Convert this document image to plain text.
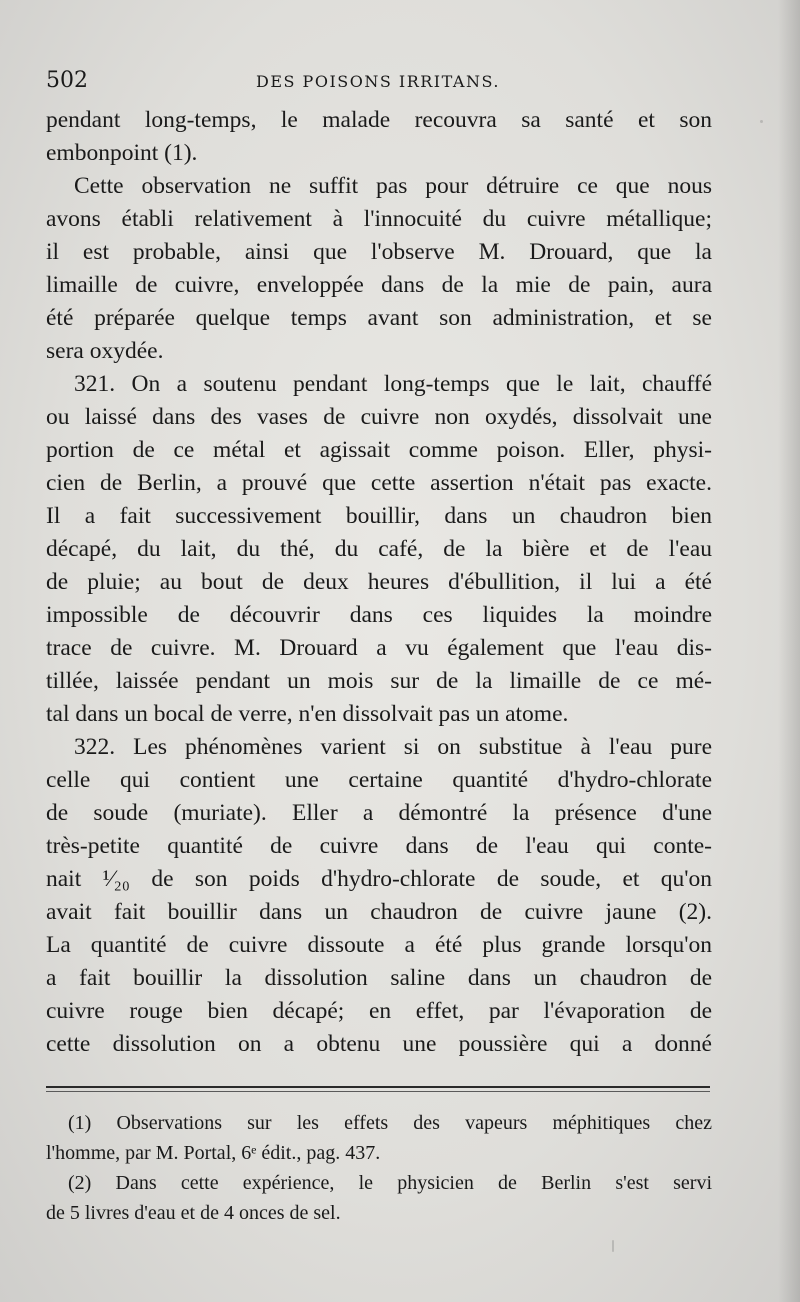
502	DES POISONS IRRITANS.
pendant long-temps, le malade recouvra sa santé et son
embonpoint (1).
Cette observation ne suffit pas pour détruire ce que nous
avons établi relativement à l'innocuité du cuivre métallique;
il est probable, ainsi que l'observe M. Drouard, que la
limaille de cuivre, enveloppée dans de la mie de pain, aura
été préparée quelque temps avant son administration, et se
sera oxydée.
321. On a soutenu pendant long-temps que le lait, chauffé
ou laissé dans des vases de cuivre non oxydés, dissolvait une
portion de ce métal et agissait comme poison. Eller, physi-
cien de Berlin, a prouvé que cette assertion n'était pas exacte.
Il a fait successivement bouillir, dans un chaudron bien
décapé, du lait, du thé, du café, de la bière et de l'eau
de pluie; au bout de deux heures d'ébullition, il lui a été
impossible de découvrir dans ces liquides la moindre
trace de cuivre. M. Drouard a vu également que l'eau dis-
tillée, laissée pendant un mois sur de la limaille de ce mé-
tal dans un bocal de verre, n'en dissolvait pas un atome.
322. Les phénomènes varient si on substitue à l'eau pure
celle qui contient une certaine quantité d'hydro-chlorate
de soude (muriate). Eller a démontré la présence d'une
très-petite quantité de cuivre dans de l'eau qui conte-
nait ¹⁄₂₀ de son poids d'hydro-chlorate de soude, et qu'on
avait fait bouillir dans un chaudron de cuivre jaune (2).
La quantité de cuivre dissoute a été plus grande lorsqu'on
a fait bouillir la dissolution saline dans un chaudron de
cuivre rouge bien décapé; en effet, par l'évaporation de
cette dissolution on a obtenu une poussière qui a donné
(1) Observations sur les effets des vapeurs méphitiques chez
l'homme, par M. Portal, 6ᵉ édit., pag. 437.
(2) Dans cette expérience, le physicien de Berlin s'est servi
de 5 livres d'eau et de 4 onces de sel.
